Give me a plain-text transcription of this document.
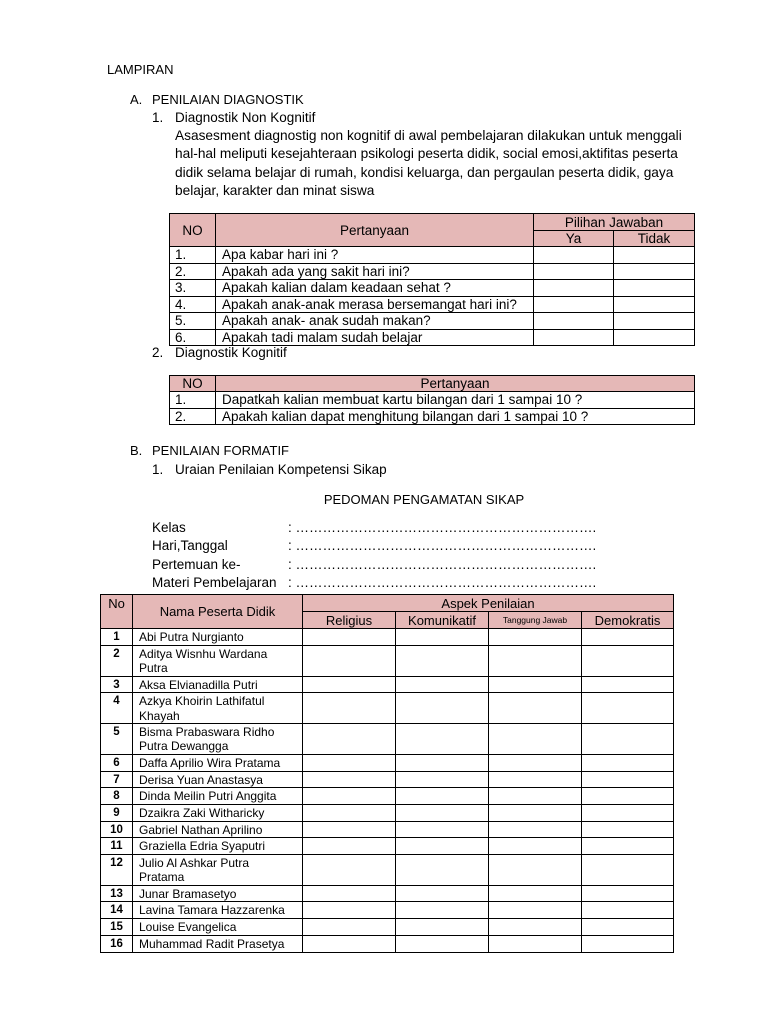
LAMPIRAN
A. PENILAIAN DIAGNOSTIK
1. Diagnostik Non Kognitif
Asasesment diagnostig non kognitif di awal pembelajaran dilakukan untuk menggali
hal-hal meliputi kesejahteraan psikologi peserta didik, social emosi,aktifitas peserta
didik selama belajar di rumah, kondisi keluarga, dan pergaulan peserta didik, gaya
belajar, karakter dan minat siswa
NO	Pertanyaan	Pilihan Jawaban	
		Ya	Tidak
1.	Apa kabar hari ini ?		
2.	Apakah ada yang sakit hari ini?		
3.	Apakah kalian dalam keadaan sehat ?		
4.	Apakah anak-anak merasa bersemangat hari ini?		
5.	Apakah anak- anak sudah makan?		
6.	Apakah tadi malam sudah belajar		
2. Diagnostik Kognitif
NO	Pertanyaan
1.	Dapatkah kalian membuat kartu bilangan dari 1 sampai 10 ?
2.	Apakah kalian dapat menghitung bilangan dari 1 sampai 10 ?
B. PENILAIAN FORMATIF
1. Uraian Penilaian Kompetensi Sikap
PEDOMAN PENGAMATAN SIKAP
Kelas	: ………………………………………………………….
Hari,Tanggal	: ………………………………………………………….
Pertemuan ke-	: ………………………………………………………….
Materi Pembelajaran : ………………………………………………………….
No	Nama Peserta Didik	Aspek Penilaian			
		Religius	Komunikatif	Tanggung Jawab	Demokratis
1	Abi Putra Nurgianto				
2	Aditya Wisnhu Wardana Putra				
3	Aksa Elvianadilla Putri				
4	Azkya Khoirin Lathifatul Khayah				
5	Bisma Prabaswara Ridho Putra Dewangga				
6	Daffa Aprilio Wira Pratama				
7	Derisa Yuan Anastasya				
8	Dinda Meilin Putri Anggita				
9	Dzaikra Zaki Witharicky				
10	Gabriel Nathan Aprilino				
11	Graziella Edria Syaputri				
12	Julio Al Ashkar Putra Pratama				
13	Junar Bramasetyo				
14	Lavina Tamara Hazzarenka				
15	Louise Evangelica				
16	Muhammad Radit Prasetya				
